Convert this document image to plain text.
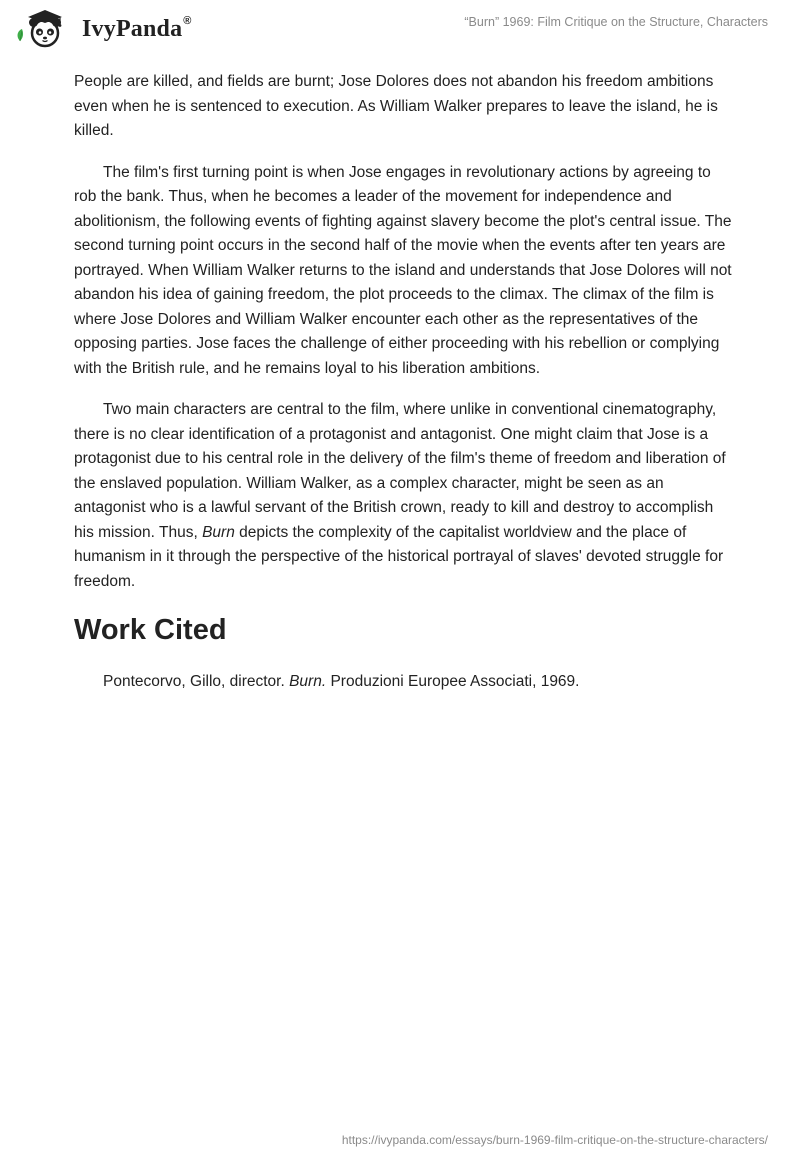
IvyPanda®	“Burn” 1969: Film Critique on the Structure, Characters

People are killed, and fields are burnt; Jose Dolores does not abandon his freedom ambitions even when he is sentenced to execution. As William Walker prepares to leave the island, he is killed.

The film's first turning point is when Jose engages in revolutionary actions by agreeing to rob the bank. Thus, when he becomes a leader of the movement for independence and abolitionism, the following events of fighting against slavery become the plot's central issue. The second turning point occurs in the second half of the movie when the events after ten years are portrayed. When William Walker returns to the island and understands that Jose Dolores will not abandon his idea of gaining freedom, the plot proceeds to the climax. The climax of the film is where Jose Dolores and William Walker encounter each other as the representatives of the opposing parties. Jose faces the challenge of either proceeding with his rebellion or complying with the British rule, and he remains loyal to his liberation ambitions.

Two main characters are central to the film, where unlike in conventional cinematography, there is no clear identification of a protagonist and antagonist. One might claim that Jose is a protagonist due to his central role in the delivery of the film's theme of freedom and liberation of the enslaved population. William Walker, as a complex character, might be seen as an antagonist who is a lawful servant of the British crown, ready to kill and destroy to accomplish his mission. Thus, Burn depicts the complexity of the capitalist worldview and the place of humanism in it through the perspective of the historical portrayal of slaves' devoted struggle for freedom.

Work Cited

Pontecorvo, Gillo, director. Burn. Produzioni Europee Associati, 1969.

https://ivypanda.com/essays/burn-1969-film-critique-on-the-structure-characters/
